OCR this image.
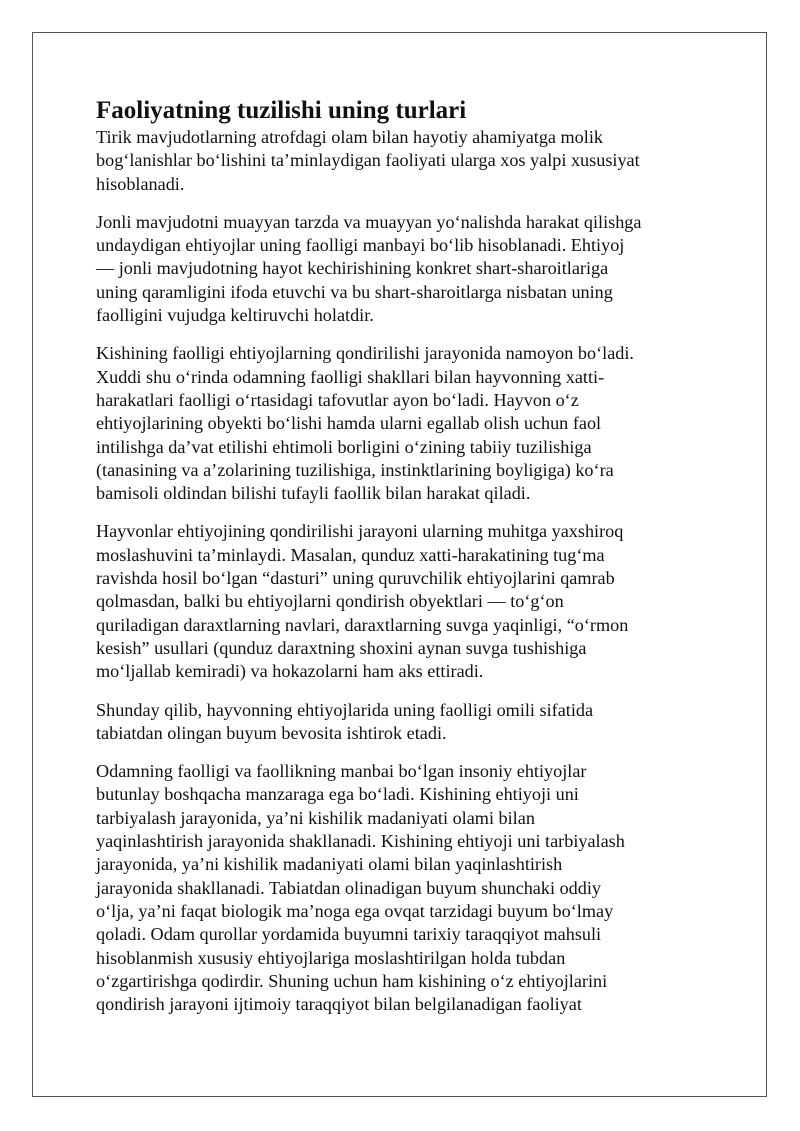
Faoliyatning tuzilishi uning turlari
Tirik mavjudotlarning atrofdagi olam bilan hayotiy ahamiyatga molik
bog‘lanishlar bo‘lishini ta’minlaydigan faoliyati ularga xos yalpi xususiyat
hisoblanadi.
Jonli mavjudotni muayyan tarzda va muayyan yo‘nalishda harakat qilishga
undaydigan ehtiyojlar uning faolligi manbayi bo‘lib hisoblanadi. Ehtiyoj
— jonli mavjudotning hayot kechirishining konkret shart-sharoitlariga
uning qaramligini ifoda etuvchi va bu shart-sharoitlarga nisbatan uning
faolligini vujudga keltiruvchi holatdir.
Kishining faolligi ehtiyojlarning qondirilishi jarayonida namoyon bo‘ladi.
Xuddi shu o‘rinda odamning faolligi shakllari bilan hayvonning xatti-
harakatlari faolligi o‘rtasidagi tafovutlar ayon bo‘ladi. Hayvon o‘z
ehtiyojlarining obyekti bo‘lishi hamda ularni egallab olish uchun faol
intilishga da’vat etilishi ehtimoli borligini o‘zining tabiiy tuzilishiga
(tanasining va a’zolarining tuzilishiga, instinktlarining boyligiga) ko‘ra
bamisoli oldindan bilishi tufayli faollik bilan harakat qiladi.
Hayvonlar ehtiyojining qondirilishi jarayoni ularning muhitga yaxshiroq
moslashuvini ta’minlaydi. Masalan, qunduz xatti-harakatining tug‘ma
ravishda hosil bo‘lgan “dasturi” uning quruvchilik ehtiyojlarini qamrab
qolmasdan, balki bu ehtiyojlarni qondirish obyektlari — to‘g‘on
quriladigan daraxtlarning navlari, daraxtlarning suvga yaqinligi, “o‘rmon
kesish” usullari (qunduz daraxtning shoxini aynan suvga tushishiga
mo‘ljallab kemiradi) va hokazolarni ham aks ettiradi.
Shunday qilib, hayvonning ehtiyojlarida uning faolligi omili sifatida
tabiatdan olingan buyum bevosita ishtirok etadi.
Odamning faolligi va faollikning manbai bo‘lgan insoniy ehtiyojlar
butunlay boshqacha manzaraga ega bo‘ladi. Kishining ehtiyoji uni
tarbiyalash jarayonida, ya’ni kishilik madaniyati olami bilan
yaqinlashtirish jarayonida shakllanadi. Kishining ehtiyoji uni tarbiyalash
jarayonida, ya’ni kishilik madaniyati olami bilan yaqinlashtirish
jarayonida shakllanadi. Tabiatdan olinadigan buyum shunchaki oddiy
o‘lja, ya’ni faqat biologik ma’noga ega ovqat tarzidagi buyum bo‘lmay
qoladi. Odam qurollar yordamida buyumni tarixiy taraqqiyot mahsuli
hisoblanmish xususiy ehtiyojlariga moslashtirilgan holda tubdan
o‘zgartirishga qodirdir. Shuning uchun ham kishining o‘z ehtiyojlarini
qondirish jarayoni ijtimoiy taraqqiyot bilan belgilanadigan faoliyat
